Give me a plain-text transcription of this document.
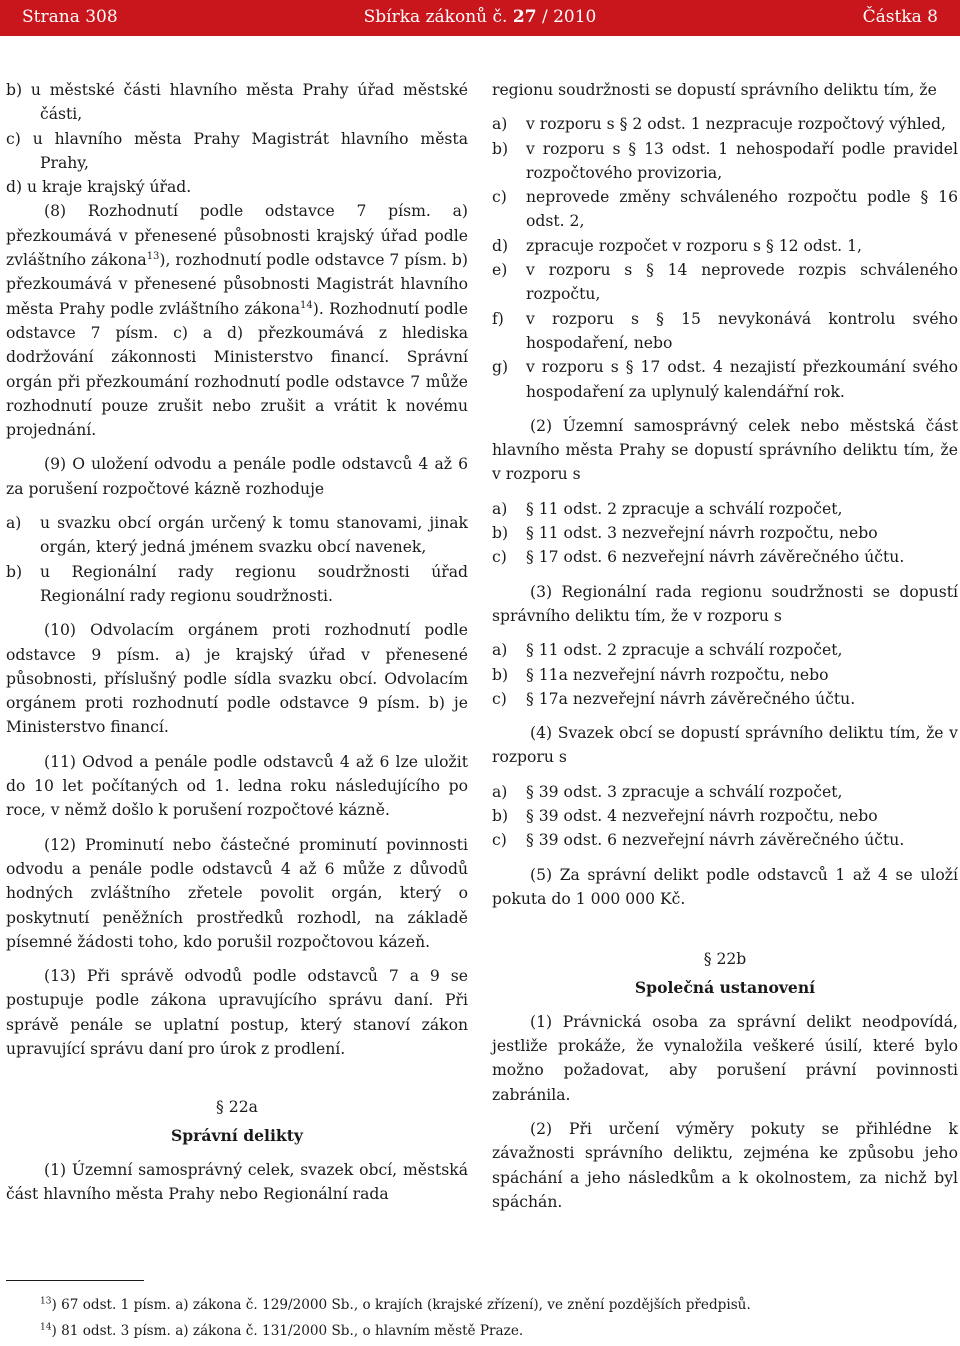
Strana 308	Sbírka zákonů č. 27 / 2010	Částka 8

b) u městské části hlavního města Prahy úřad městské části,

c) u hlavního města Prahy Magistrát hlavního města Prahy,

d) u kraje krajský úřad.

(8) Rozhodnutí podle odstavce 7 písm. a) přezkoumává v přenesené působnosti krajský úřad podle zvláštního zákona$^{13}$), rozhodnutí podle odstavce 7 písm. b) přezkoumává v přenesené působnosti Magistrát hlavního města Prahy podle zvláštního zákona$^{14}$). Rozhodnutí podle odstavce 7 písm. c) a d) přezkoumává z hlediska dodržování zákonnosti Ministerstvo financí. Správní orgán při přezkoumání rozhodnutí podle odstavce 7 může rozhodnutí pouze zrušit nebo zrušit a vrátit k novému projednání.

(9) O uložení odvodu a penále podle odstavců 4 až 6 za porušení rozpočtové kázně rozhoduje

a) u svazku obcí orgán určený k tomu stanovami, jinak orgán, který jedná jménem svazku obcí navenek,

b) u Regionální rady regionu soudržnosti úřad Regionální rady regionu soudržnosti.

(10) Odvolacím orgánem proti rozhodnutí podle odstavce 9 písm. a) je krajský úřad v přenesené působnosti, příslušný podle sídla svazku obcí. Odvolacím orgánem proti rozhodnutí podle odstavce 9 písm. b) je Ministerstvo financí.

(11) Odvod a penále podle odstavců 4 až 6 lze uložit do 10 let počítaných od 1. ledna roku následujícího po roce, v němž došlo k porušení rozpočtové kázně.

(12) Prominutí nebo částečné prominutí povinnosti odvodu a penále podle odstavců 4 až 6 může z důvodů hodných zvláštního zřetele povolit orgán, který o poskytnutí peněžních prostředků rozhodl, na základě písemné žádosti toho, kdo porušil rozpočtovou kázeň.

(13) Při správě odvodů podle odstavců 7 a 9 se postupuje podle zákona upravujícího správu daní. Při správě penále se uplatní postup, který stanoví zákon upravující správu daní pro úrok z prodlení.

§ 22a

Správní delikty

(1) Územní samosprávný celek, svazek obcí, městská část hlavního města Prahy nebo Regionální rada

regionu soudržnosti se dopustí správního deliktu tím, že

a) v rozporu s § 2 odst. 1 nezpracuje rozpočtový výhled,

b) v rozporu s § 13 odst. 1 nehospodaří podle pravidel rozpočtového provizoria,

c) neprovede změny schváleného rozpočtu podle § 16 odst. 2,

d) zpracuje rozpočet v rozporu s § 12 odst. 1,

e) v rozporu s § 14 neprovede rozpis schváleného rozpočtu,

f) v rozporu s § 15 nevykonává kontrolu svého hospodaření, nebo

g) v rozporu s § 17 odst. 4 nezajistí přezkoumání svého hospodaření za uplynulý kalendářní rok.

(2) Územní samosprávný celek nebo městská část hlavního města Prahy se dopustí správního deliktu tím, že v rozporu s

a) § 11 odst. 2 zpracuje a schválí rozpočet,

b) § 11 odst. 3 nezveřejní návrh rozpočtu, nebo

c) § 17 odst. 6 nezveřejní návrh závěrečného účtu.

(3) Regionální rada regionu soudržnosti se dopustí správního deliktu tím, že v rozporu s

a) § 11 odst. 2 zpracuje a schválí rozpočet,

b) § 11a nezveřejní návrh rozpočtu, nebo

c) § 17a nezveřejní návrh závěrečného účtu.

(4) Svazek obcí se dopustí správního deliktu tím, že v rozporu s

a) § 39 odst. 3 zpracuje a schválí rozpočet,

b) § 39 odst. 4 nezveřejní návrh rozpočtu, nebo

c) § 39 odst. 6 nezveřejní návrh závěrečného účtu.

(5) Za správní delikt podle odstavců 1 až 4 se uloží pokuta do 1 000 000 Kč.

§ 22b

Společná ustanovení

(1) Právnická osoba za správní delikt neodpovídá, jestliže prokáže, že vynaložila veškeré úsilí, které bylo možno požadovat, aby porušení právní povinnosti zabránila.

(2) Při určení výměry pokuty se přihlédne k závažnosti správního deliktu, zejména ke způsobu jeho spáchání a jeho následkům a k okolnostem, za nichž byl spáchán.

$^{13}$) 67 odst. 1 písm. a) zákona č. 129/2000 Sb., o krajích (krajské zřízení), ve znění pozdějších předpisů.
$^{14}$) 81 odst. 3 písm. a) zákona č. 131/2000 Sb., o hlavním městě Praze.
